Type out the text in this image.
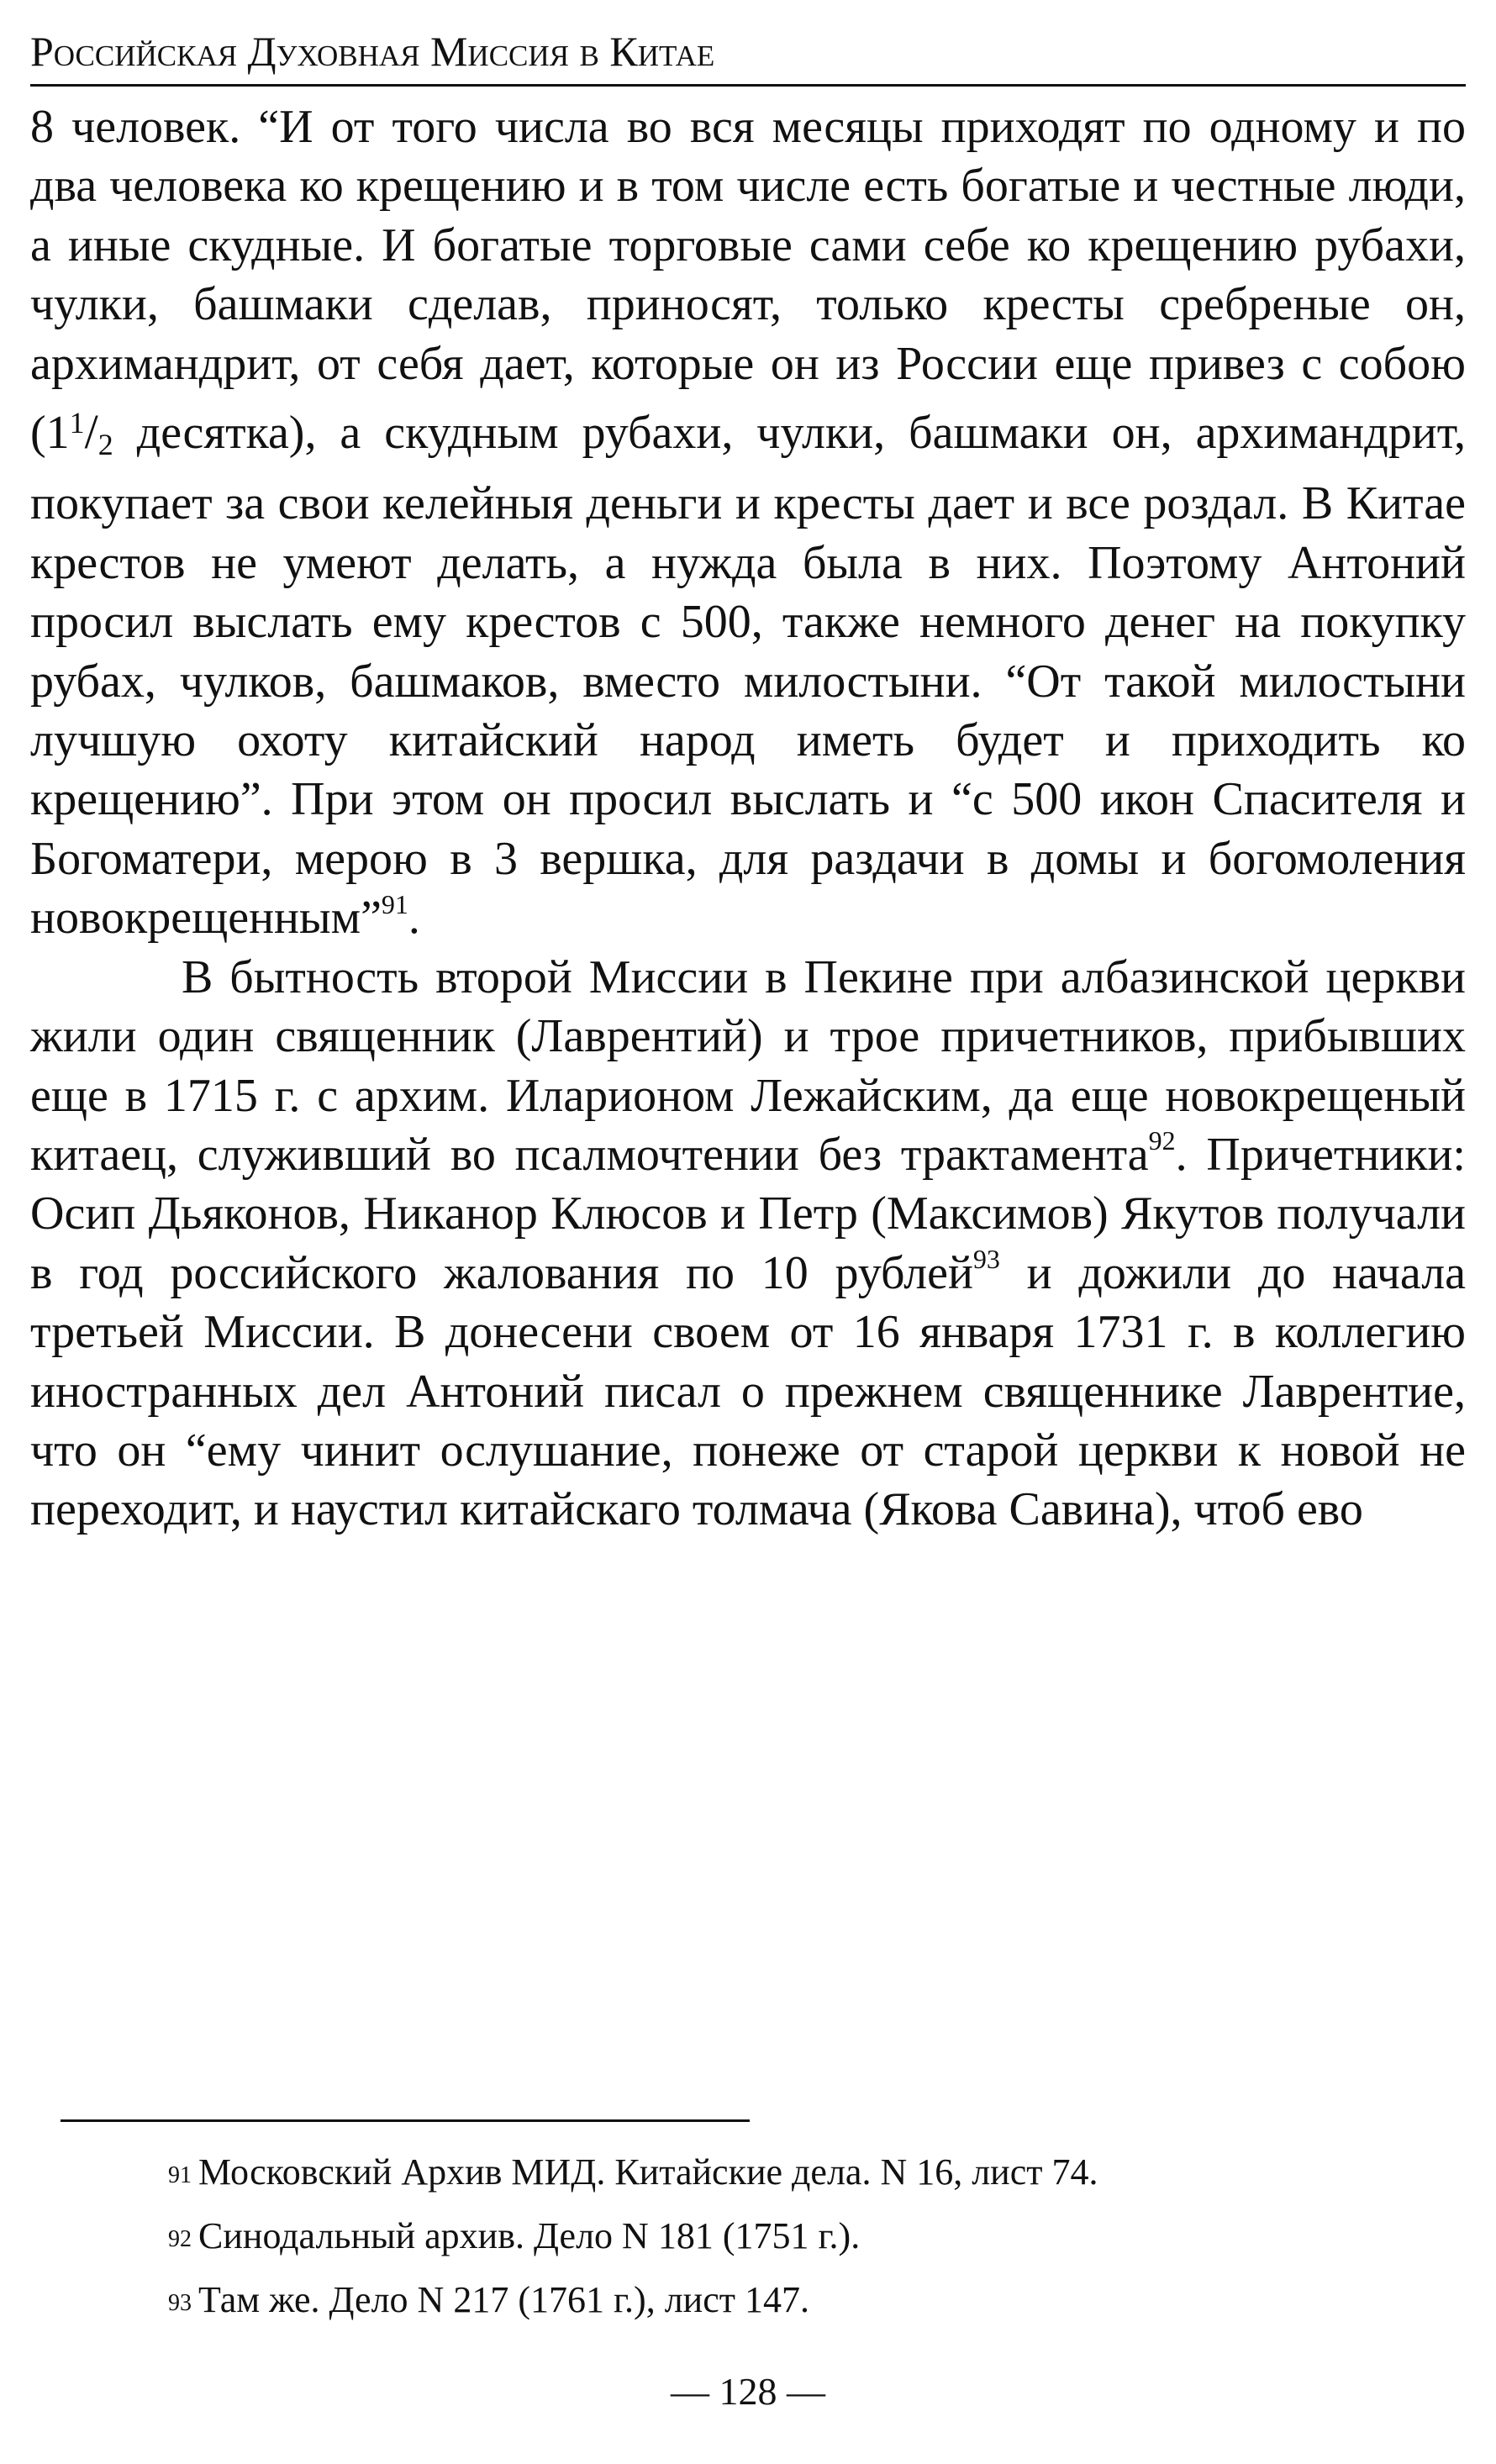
Российская Духовная Миссия в Китае

8 человек. “И от того числа во вся месяцы приходят по одному и по два человека ко крещению и в том числе есть богатые и честные люди, а иные скудные. И богатые торговые сами себе ко крещению рубахи, чулки, башмаки сделав, приносят, только кресты сребреные он, архимандрит, от себя дает, которые он из России еще привез с собою ($1^1/2$ десятка), а скудным рубахи, чулки, башмаки он, архимандрит, покупает за свои келейныя деньги и кресты дает и все роздал. В Китае крестов не умеют делать, а нужда была в них. Поэтому Антоний просил выслать ему крестов с 500, также немного денег на покупку рубах, чулков, башмаков, вместо милостыни. “От такой милостыни лучшую охоту китайский народ иметь будет и приходить ко крещению”. При этом он просил выслать и “с 500 икон Спасителя и Богоматери, мерою в 3 вершка, для раздачи в домы и богомоления новокрещенным”$^{91}$.

В бытность второй Миссии в Пекине при албазинской церкви жили один священник (Лаврентий) и трое причетников, прибывших еще в 1715 г. с архим. Иларионом Лежайским, да еще новокрещеный китаец, служивший во псалмочтении без трактамента$^{92}$. Причетники: Осип Дьяконов, Никанор Клюсов и Петр (Максимов) Якутов получали в год российского жалования по 10 рублей$^{93}$ и дожили до начала третьей Миссии. В донесени своем от 16 января 1731 г. в коллегию иностранных дел Антоний писал о прежнем священнике Лаврентие, что он “ему чинит ослушание, понеже от старой церкви к новой не переходит, и наустил китайскаго толмача (Якова Савина), чтоб ево

91 Московский Архив МИД. Китайские дела. N 16, лист 74.
92 Синодальный архив. Дело N 181 (1751 г.).
93 Там же. Дело N 217 (1761 г.), лист 147.
— 128 —
